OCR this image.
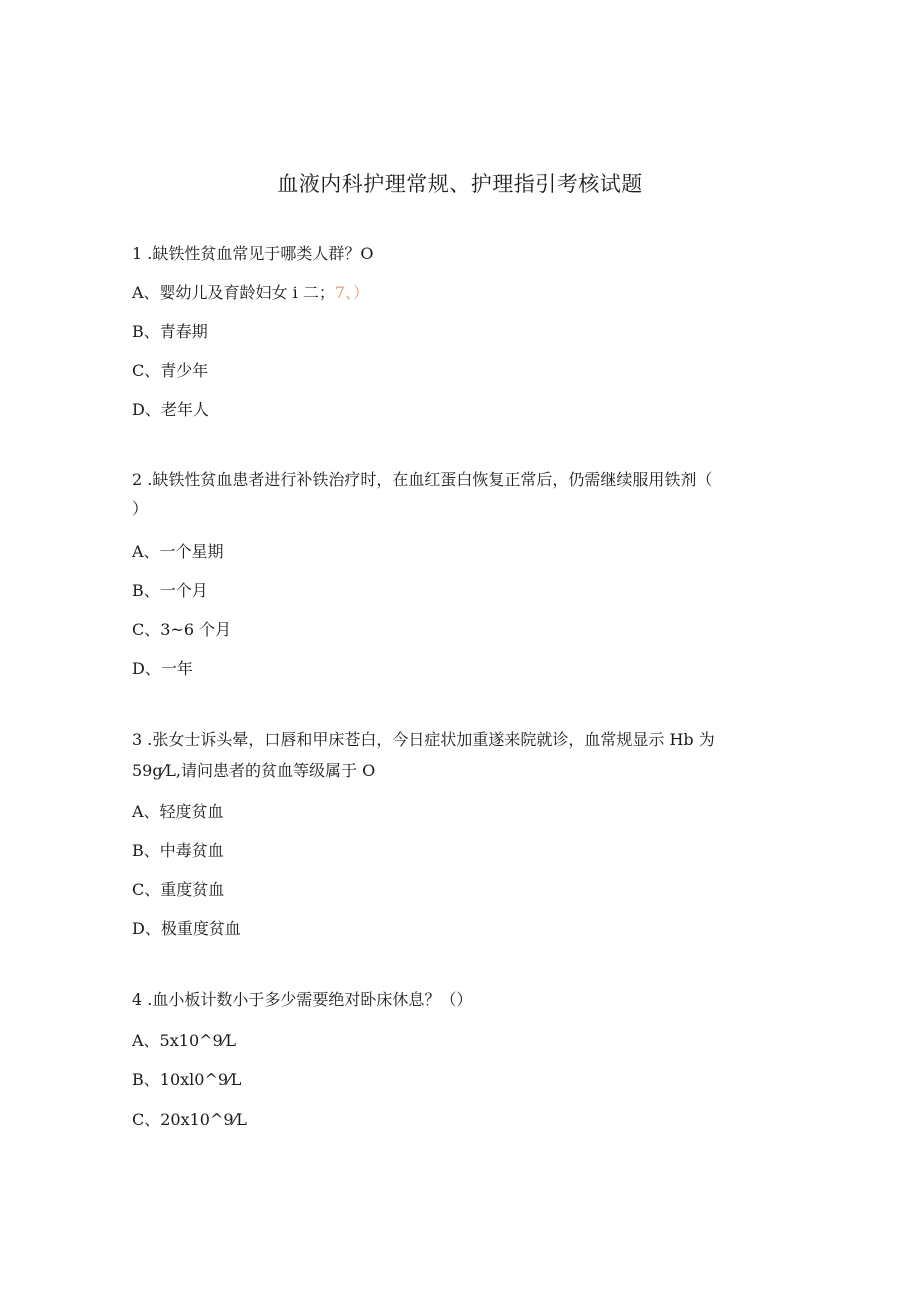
血液内科护理常规、护理指引考核试题
1 .缺铁性贫血常见于哪类人群？O
A、婴幼儿及育龄妇女 i 二；7、）
B、青春期
C、青少年
D、老年人
2 .缺铁性贫血患者进行补铁治疗时，在血红蛋白恢复正常后，仍需继续服用铁剂（
）
A、一个星期
B、一个月
C、3~6 个月
D、一年
3 .张女士诉头晕，口唇和甲床苍白，今日症状加重遂来院就诊，血常规显示 Hb 为
59g⁄L,请问患者的贫血等级属于 O
A、轻度贫血
B、中毒贫血
C、重度贫血
D、极重度贫血
4 .血小板计数小于多少需要绝对卧床休息？（）
A、5x10^9⁄L
B、10xl0^9⁄L
C、20x10^9⁄L
